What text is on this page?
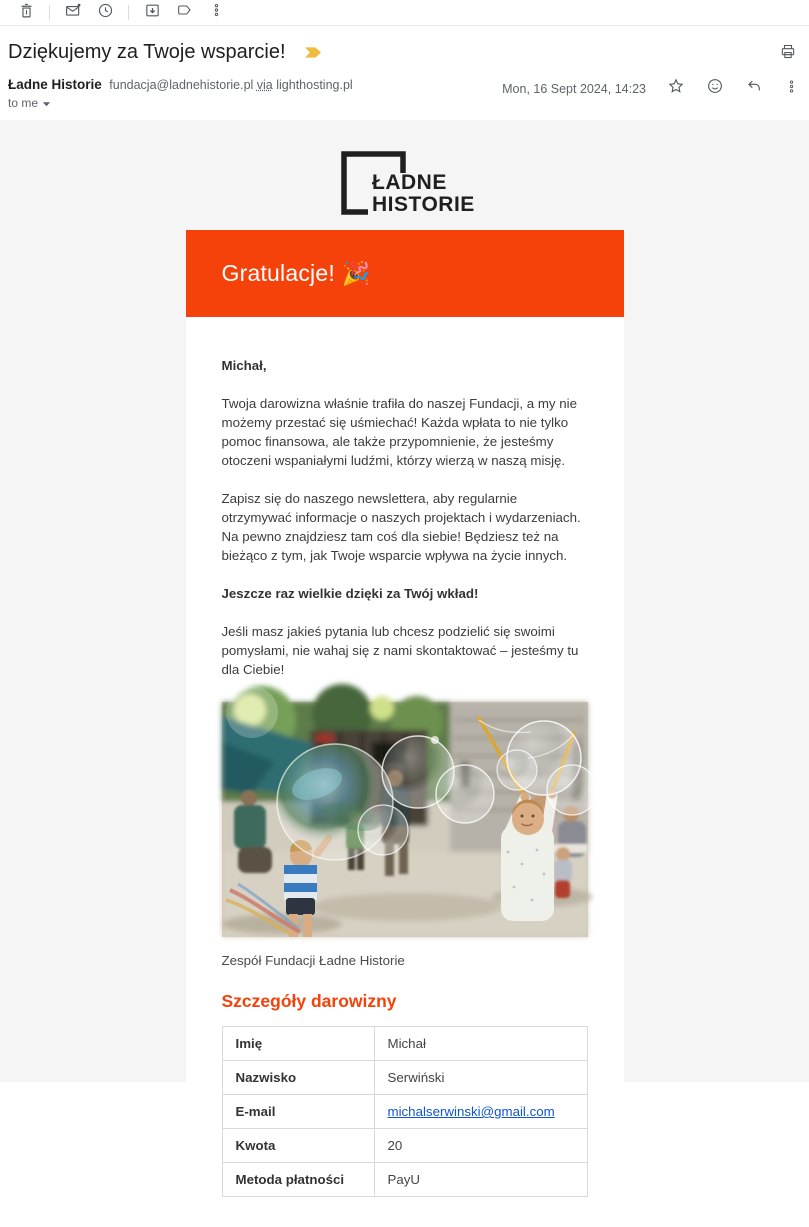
Dziękujemy za Twoje wsparcie!
Ładne Historie fundacja@ladnehistorie.pl via lighthosting.pl
to me
Mon, 16 Sept 2024, 14:23
ŁADNE
HISTORIE
Gratulacje! 🎉
Michał,
Twoja darowizna właśnie trafiła do naszej Fundacji, a my nie możemy przestać się uśmiechać! Każda wpłata to nie tylko pomoc finansowa, ale także przypomnienie, że jesteśmy otoczeni wspaniałymi ludźmi, którzy wierzą w naszą misję.
Zapisz się do naszego newslettera, aby regularnie otrzymywać informacje o naszych projektach i wydarzeniach. Na pewno znajdziesz tam coś dla siebie! Będziesz też na bieżąco z tym, jak Twoje wsparcie wpływa na życie innych.
Jeszcze raz wielkie dzięki za Twój wkład!
Jeśli masz jakieś pytania lub chcesz podzielić się swoimi pomysłami, nie wahaj się z nami skontaktować – jesteśmy tu dla Ciebie!
Zespół Fundacji Ładne Historie
Szczegóły darowizny
Imię	Michał
Nazwisko	Serwiński
E-mail	michalserwinski@gmail.com
Kwota	20
Metoda płatności	PayU
